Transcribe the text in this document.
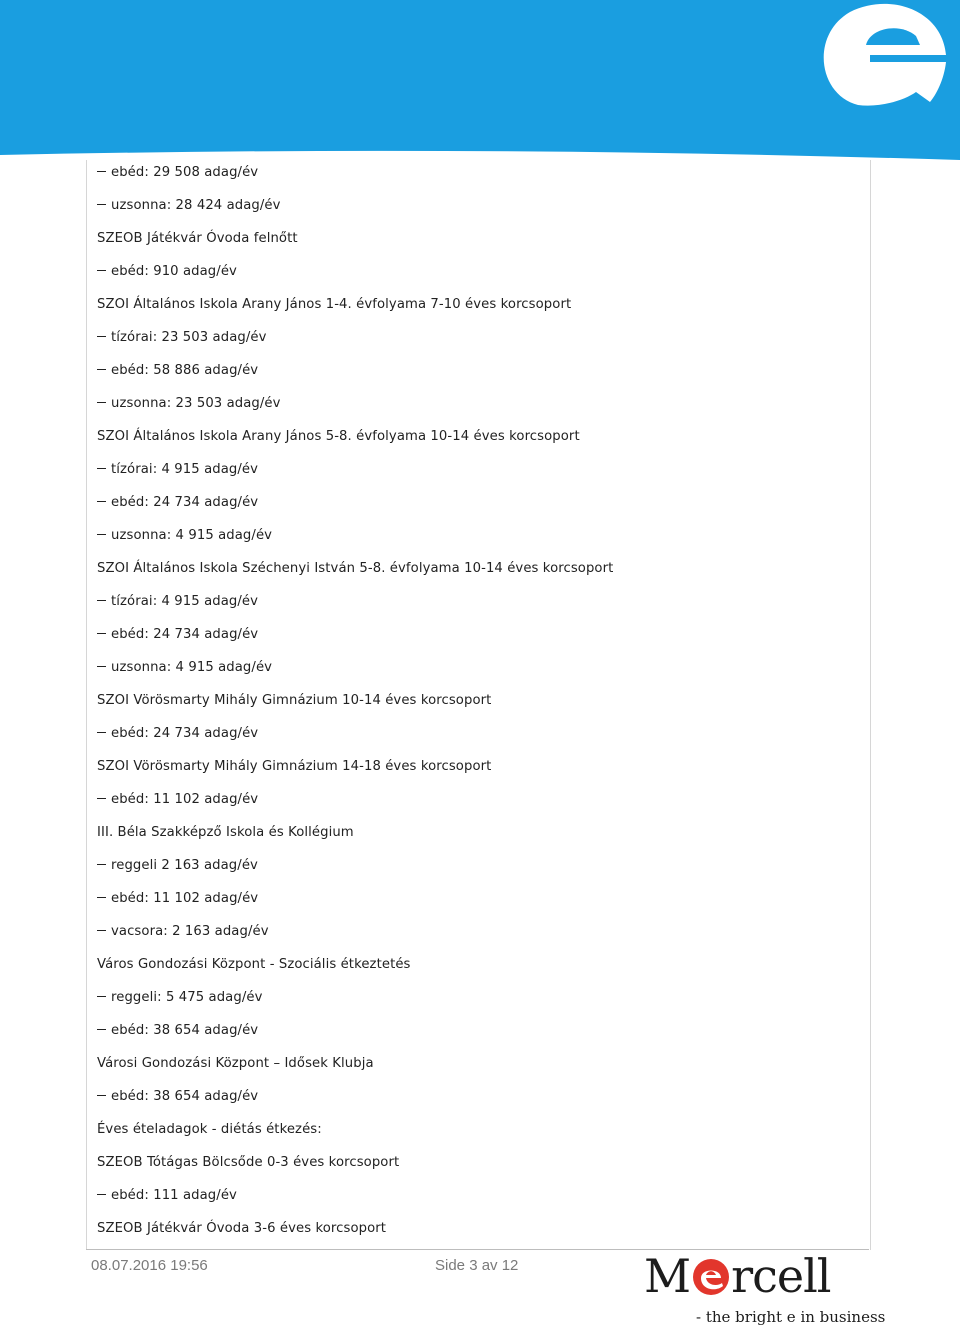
ebéd: 29 508 adag/év
uzsonna: 28 424 adag/év
SZEOB Játékvár Óvoda felnőtt
ebéd: 910 adag/év
SZOI Általános Iskola Arany János 1-4. évfolyama 7-10 éves korcsoport
tízórai: 23 503 adag/év
ebéd: 58 886 adag/év
uzsonna: 23 503 adag/év
SZOI Általános Iskola Arany János 5-8. évfolyama 10-14 éves korcsoport
tízórai: 4 915 adag/év
ebéd: 24 734 adag/év
uzsonna: 4 915 adag/év
SZOI Általános Iskola Széchenyi István 5-8. évfolyama 10-14 éves korcsoport
tízórai: 4 915 adag/év
ebéd: 24 734 adag/év
uzsonna: 4 915 adag/év
SZOI Vörösmarty Mihály Gimnázium 10-14 éves korcsoport
ebéd: 24 734 adag/év
SZOI Vörösmarty Mihály Gimnázium 14-18 éves korcsoport
ebéd: 11 102 adag/év
III. Béla Szakképző Iskola és Kollégium
reggeli 2 163 adag/év
ebéd: 11 102 adag/év
vacsora: 2 163 adag/év
Város Gondozási Központ - Szociális étkeztetés
reggeli: 5 475 adag/év
ebéd: 38 654 adag/év
Városi Gondozási Központ – Idősek Klubja
ebéd: 38 654 adag/év
Éves ételadagok - diétás étkezés:
SZEOB Tótágas Bölcsőde 0-3 éves korcsoport
ebéd: 111 adag/év
SZEOB Játékvár Óvoda 3-6 éves korcsoport
08.07.2016 19:56	Side 3 av 12	M rcell
- the bright e in business
